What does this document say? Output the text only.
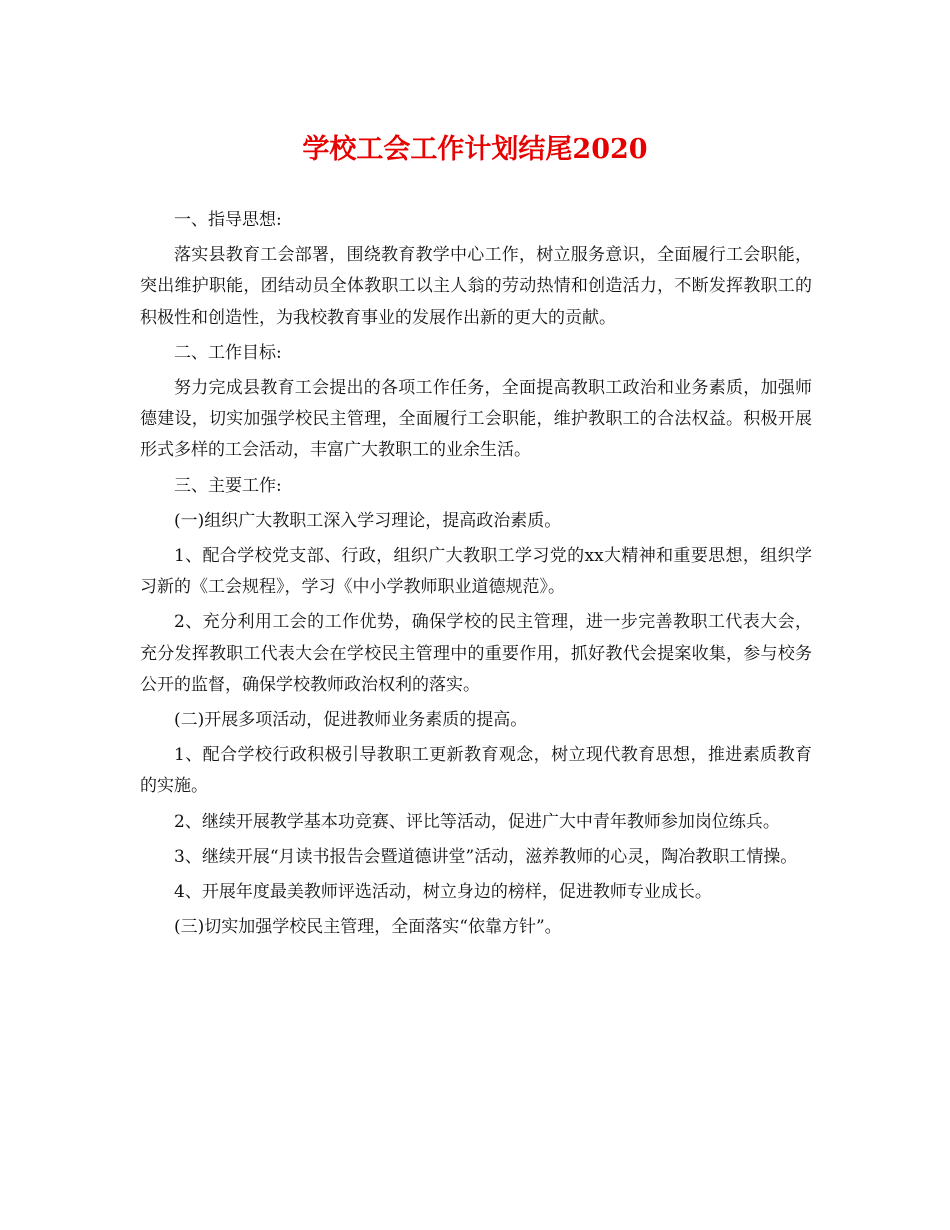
学校工会工作计划结尾2020

一、指导思想:

落实县教育工会部署，围绕教育教学中心工作，树立服务意识，全面履行工会职能，突出维护职能，团结动员全体教职工以主人翁的劳动热情和创造活力，不断发挥教职工的积极性和创造性，为我校教育事业的发展作出新的更大的贡献。

二、工作目标:

努力完成县教育工会提出的各项工作任务，全面提高教职工政治和业务素质，加强师德建设，切实加强学校民主管理，全面履行工会职能，维护教职工的合法权益。积极开展形式多样的工会活动，丰富广大教职工的业余生活。

三、主要工作:

(一)组织广大教职工深入学习理论，提高政治素质。

1、配合学校党支部、行政，组织广大教职工学习党的xx大精神和重要思想，组织学习新的《工会规程》，学习《中小学教师职业道德规范》。

2、充分利用工会的工作优势，确保学校的民主管理，进一步完善教职工代表大会，充分发挥教职工代表大会在学校民主管理中的重要作用，抓好教代会提案收集，参与校务公开的监督，确保学校教师政治权利的落实。

(二)开展多项活动，促进教师业务素质的提高。

1、配合学校行政积极引导教职工更新教育观念，树立现代教育思想，推进素质教育的实施。

2、继续开展教学基本功竞赛、评比等活动，促进广大中青年教师参加岗位练兵。

3、继续开展“月读书报告会暨道德讲堂”活动，滋养教师的心灵，陶冶教职工情操。

4、开展年度最美教师评选活动，树立身边的榜样，促进教师专业成长。

(三)切实加强学校民主管理，全面落实“依靠方针”。
